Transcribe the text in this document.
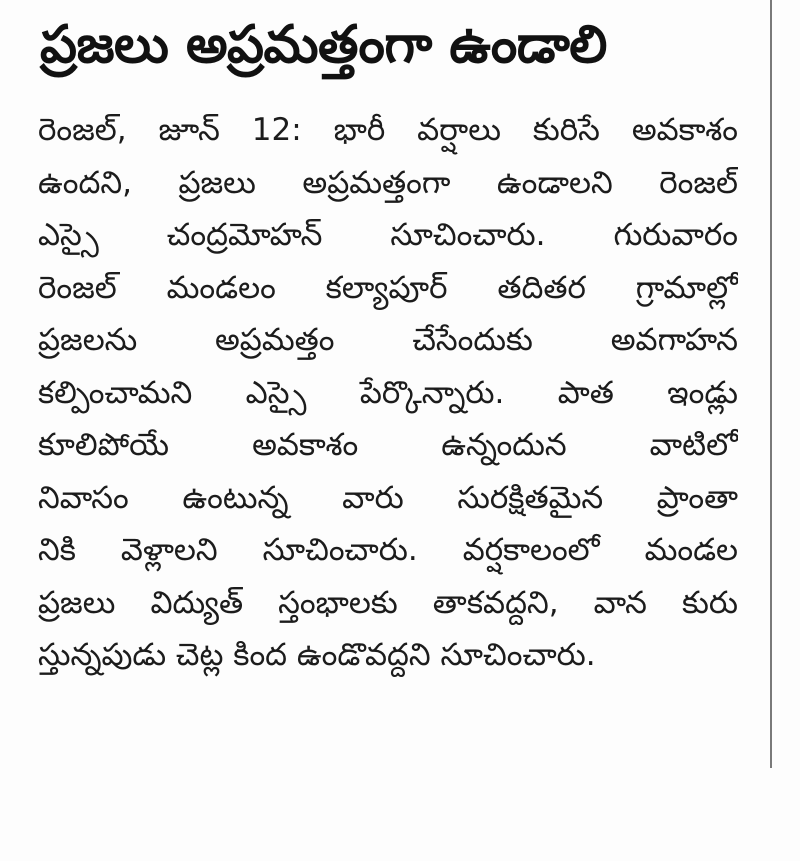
ప్రజలు అప్రమత్తంగా ఉండాలి
రెంజల్, జూన్ 12: భారీ వర్షాలు కురిసే అవకాశం
ఉందని, ప్రజలు అప్రమత్తంగా ఉండాలని రెంజల్
ఎస్సై చంద్రమోహన్ సూచించారు. గురువారం
రెంజల్ మండలం కల్యాపూర్ తదితర గ్రామాల్లో
ప్రజలను అప్రమత్తం చేసేందుకు అవగాహన
కల్పించామని ఎస్సై పేర్కొన్నారు. పాత ఇండ్లు
కూలిపోయే అవకాశం ఉన్నందున వాటిలో
నివాసం ఉంటున్న వారు సురక్షితమైన ప్రాంతా
నికి వెళ్లాలని సూచించారు. వర్షకాలంలో మండల
ప్రజలు విద్యుత్ స్తంభాలకు తాకవద్దని, వాన కురు
స్తున్నపుడు చెట్ల కింద ఉండొవద్దని సూచించారు.
